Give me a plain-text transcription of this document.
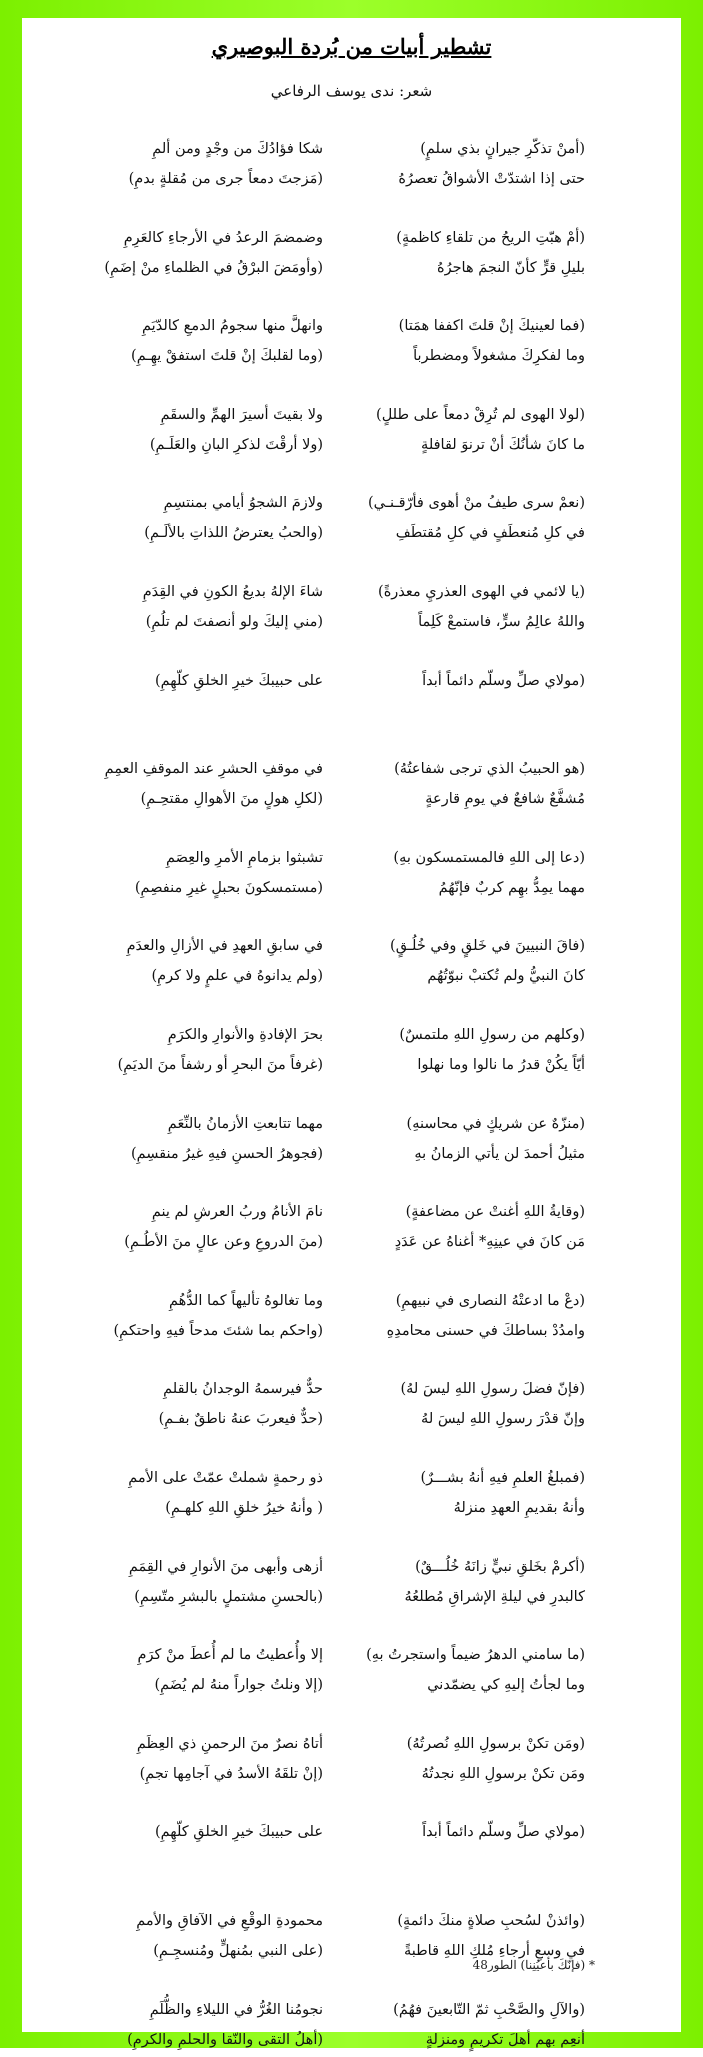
تشطير أبيات من بُردة البوصيري
شعر: ندى يوسف الرفاعي
(أمنْ تذكّرِ جيرانٍ بذي سلمٍ)
شكا فؤادُكَ من وجْدٍ ومن ألمِ
حتى إذا اشتدّتْ الأشواقُ تعصرُهُ
(مَزجتَ دمعاً جرى من مُقلةٍ بدمِ)
(أمْ هبّتِ الريحُ من تلقاءِ كاظمةٍ)
وضمضمَ الرعدُ في الأرجاءِ كالعَرِمِ
بليلِ قرٍّ كأنّ النجمَ هاجرُهُ
(وأومَضَ البرْقُ في الظلماءِ منْ إضَمِ)
(فما لعينيكَ إنْ قلتَ اكففا همَتا)
وانهلَّ منها سجومُ الدمعِ كالدّيَمِ
وما لفكرِكَ مشغولاً ومضطرباً
(وما لقلبكَ إنْ قلتَ استفقْ يهِـمِ)
(لولا الهوى لم تُرِقْ دمعاً على طللٍ)
ولا بقيتَ أسيرَ الهمِّ والسقَمِ
ما كانَ شأنُكَ أنْ ترنوَ لقافلةٍ
(ولا أرقْتَ لذكرِ البانِ والعَلَـمِ)
(نعمْ سرى طيفُ منْ أهوى فأرّقـنـي)
ولازمَ الشجوُ أيامي بمنتسِمِ
في كلِ مُنعطَفٍ في كلِ مُقتطَفِ
(والحبُ يعترضُ اللذاتِ بالألَـمِ)
(يا لائمي في الهوى العذريِ معذرةً)
شاءَ الإلهُ بديعُ الكونِ في القِدَمِ
واللهُ عالِمُ سرٍّ، فاستمعْ كَلِماً
(مني إليكَ ولو أنصفتَ لم تلُمِ)
(مولاي صلِّ وسلّم دائماً أبداً
على حبيبكَ خيرِ الخلقِ كلّهِمِ)
(هو الحبيبُ الذي ترجى شفاعتُهُ)
في موقفِ الحشرِ عند الموقفِ العمِمِ
مُشفَّعٌ شافعٌ في يومِ قارعةٍ
(لكلِ هولٍ منَ الأهوالِ مقتحِـمِ)
(دعا إلى اللهِ فالمستمسكون بهِ)
تشبثوا بزمامِ الأمرِ والعِصَمِ
مهما يمِدُّ بهِم كربٌ فإنّهُمُ
(مستمسكونَ بحبلٍ غيرِ منفصِمِ)
(فاقَ النبيينَ في خَلقٍ وفي خُلُـقٍ)
في سابقِ العهدِ في الأزالِ والعدَمِ
كانَ النبيُّ ولم تُكتبْ نبوّتُهُم
(ولم يدانوهُ في علمٍ ولا كرمِ)
(وكلهم من رسولِ اللهِ ملتمسٌ)
بحرَ الإفادةِ والأنوارِ والكرَمِ
أيّاً يكُنْ قدرُ ما نالوا وما نهلوا
(غرفاً منَ البحرِ أو رشفاً منَ الديَمِ)
(منزّهٌ عن شريكٍ في محاسنهِ)
مهما تتابعتِ الأزمانُ بالنِّعَمِ
مثيلُ أحمدَ لن يأتي الزمانُ بهِ
(فجوهرُ الحسنِ فيهِ غيرُ منقسِمِ)
(وقايةُ اللهِ أغنتْ عن مضاعفةٍ)
نامَ الأنامُ وربُ العرشِ لم ينمِ
مَن كانَ في عينِهِ* أغناهُ عن عَدَدٍ
(منَ الدروعِ وعن عالٍ منَ الأطُـمِ)
(دعْ ما ادعتْهُ النصارى في نبيهمِ)
وما تغالوهُ تأليهاً كما الدُّهُمِ
وامدُدْ بساطكَ في حسنى محامدِهِ
(واحكم بما شئتَ مدحاً فيهِ واحتكمِ)
(فإنّ فضلَ رسولِ اللهِ ليسَ لهُ)
حدٌّ فيرسمهُ الوجدانُ بالقلمِ
وإنّ قدْرَ رسولِ اللهِ ليسَ لهُ
(حدٌّ فيعربَ عنهُ ناطقٌ بفـمِ)
(فمبلغُ العلمِ فيهِ أنهُ بشـــرٌ)
ذو رحمةٍ شملتْ عمّتْ على الأممِ
وأنهُ بقديمِ العهدِ منزلهُ
( وأنهُ خيرُ خلقِ اللهِ كلهـمِ)
(أكرمْ بخَلقِ نبيٍّ زانَهُ خُلُـــقٌ)
أزهى وأبهى منَ الأنوارِ في القِمَمِ
كالبدرِ في ليلةِ الإشراقِ مُطلعُهُ
(بالحسنِ مشتملٍ بالبشرِ متّسِمِ)
(ما سامني الدهرُ ضيماً واستجرتُ بهِ)
إلا وأُعطيتُ ما لم أُعطَ منْ كرَمِ
وما لجأتُ إليهِ كي يضمّدني
(إلا ونلتُ جواراً منهُ لم يُضَمِ)
(ومَن تكنْ برسولِ اللهِ نُصرتُهُ)
أتاهُ نصرٌ منَ الرحمنِ ذي العِظَمِ
ومَن تكنْ برسولِ اللهِ نجدتُهُ
(إنْ تلقَهُ الأسدُ في آجامِها تجمِ)
(مولاي صلِّ وسلّم دائماً أبداً
على حبيبكَ خيرِ الخلقِ كلّهِمِ)
(وائذنْ لسُحبِ صلاةٍ منكَ دائمةٍ)
محمودةِ الوقْعِ في الآفاقِ والأممِ
في وسعِ أرجاءِ مُلكِ اللهِ قاطبةً
(على النبي بمُنهلٍّ ومُنسجِـمِ)
(والآلِ والصَّحْبِ ثمّ التّابعينَ فهُمُ)
نجومُنا الغُرُّ في الليلاءِ والظُّلَمِ
أنعِم بهم أهلَ تكريمٍ ومنزلةٍ
(أهلُ التقى والنّقا والحلمِ والكرمِ)
* (فإنّكَ بأعيُنِنا) الطور48
